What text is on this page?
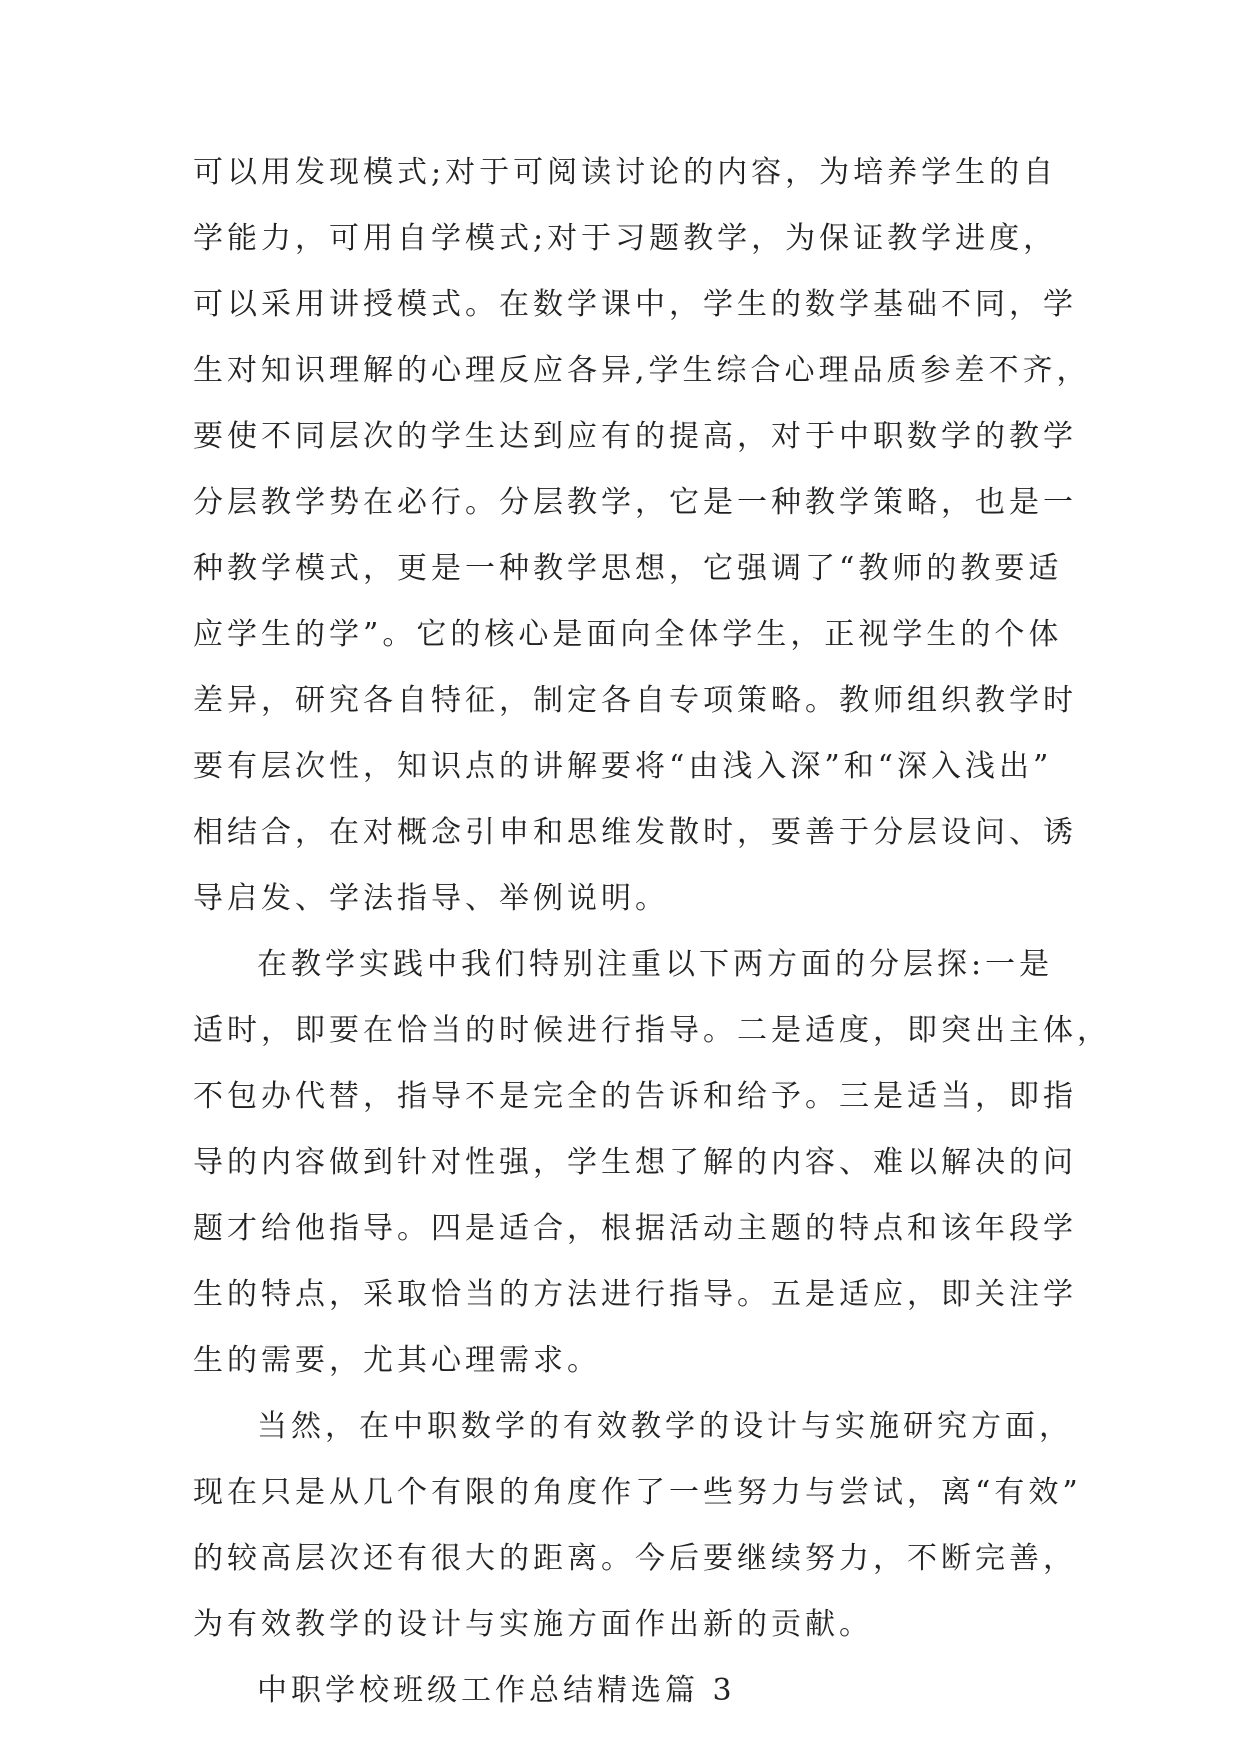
可以用发现模式;对于可阅读讨论的内容，为培养学生的自
学能力，可用自学模式;对于习题教学，为保证教学进度，
可以采用讲授模式。在数学课中，学生的数学基础不同，学
生对知识理解的心理反应各异,学生综合心理品质参差不齐，
要使不同层次的学生达到应有的提高，对于中职数学的教学
分层教学势在必行。分层教学，它是一种教学策略，也是一
种教学模式，更是一种教学思想，它强调了“教师的教要适
应学生的学”。它的核心是面向全体学生，正视学生的个体
差异，研究各自特征，制定各自专项策略。教师组织教学时
要有层次性，知识点的讲解要将“由浅入深”和“深入浅出”
相结合，在对概念引申和思维发散时，要善于分层设问、诱
导启发、学法指导、举例说明。
在教学实践中我们特别注重以下两方面的分层探:一是
适时，即要在恰当的时候进行指导。二是适度，即突出主体，
不包办代替，指导不是完全的告诉和给予。三是适当，即指
导的内容做到针对性强，学生想了解的内容、难以解决的问
题才给他指导。四是适合，根据活动主题的特点和该年段学
生的特点，采取恰当的方法进行指导。五是适应，即关注学
生的需要，尤其心理需求。
当然，在中职数学的有效教学的设计与实施研究方面，
现在只是从几个有限的角度作了一些努力与尝试，离“有效”
的较高层次还有很大的距离。今后要继续努力，不断完善，
为有效教学的设计与实施方面作出新的贡献。
中职学校班级工作总结精选篇 3
